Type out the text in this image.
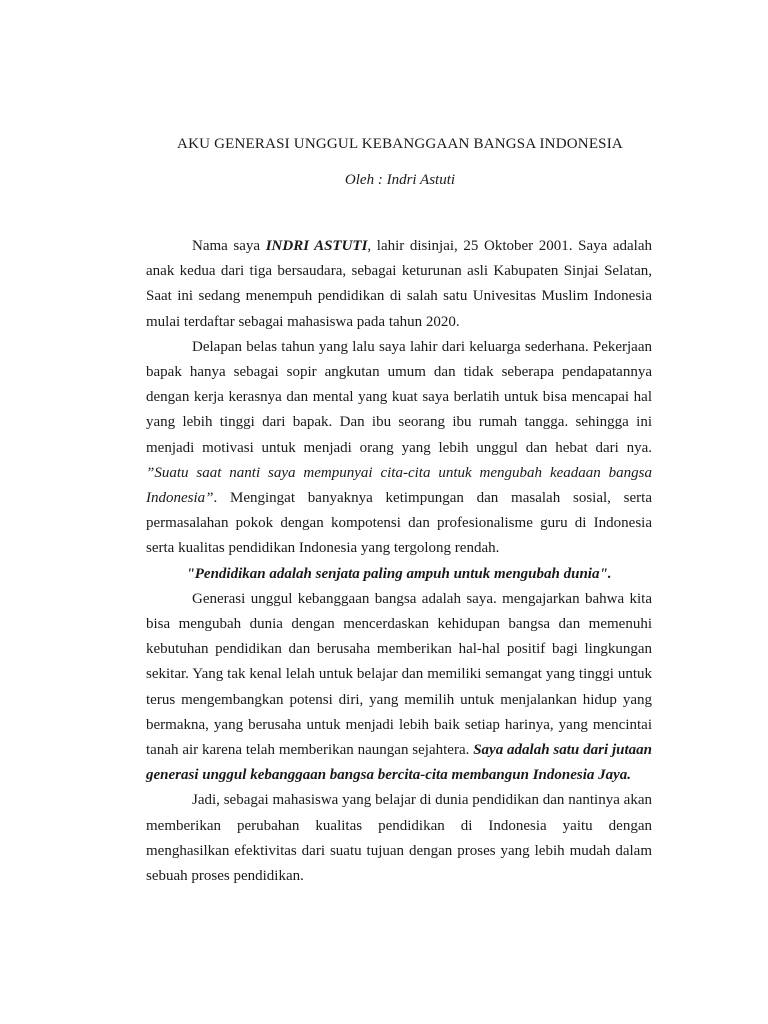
AKU GENERASI UNGGUL KEBANGGAAN BANGSA INDONESIA

Oleh : Indri Astuti

Nama saya INDRI ASTUTI, lahir disinjai, 25 Oktober 2001. Saya adalah anak kedua dari tiga bersaudara, sebagai keturunan asli Kabupaten Sinjai Selatan, Saat ini sedang menempuh pendidikan di salah satu Univesitas Muslim Indonesia mulai terdaftar sebagai mahasiswa pada tahun 2020.

Delapan belas tahun yang lalu saya lahir dari keluarga sederhana. Pekerjaan bapak hanya sebagai sopir angkutan umum dan tidak seberapa pendapatannya dengan kerja kerasnya dan mental yang kuat saya berlatih untuk bisa mencapai hal yang lebih tinggi dari bapak. Dan ibu seorang ibu rumah tangga. sehingga ini menjadi motivasi untuk menjadi orang yang lebih unggul dan hebat dari nya. ”Suatu saat nanti saya mempunyai cita-cita untuk mengubah keadaan bangsa Indonesia”. Mengingat banyaknya ketimpungan dan masalah sosial, serta permasalahan pokok dengan kompotensi dan profesionalisme guru di Indonesia serta kualitas pendidikan Indonesia yang tergolong rendah.

"Pendidikan adalah senjata paling ampuh untuk mengubah dunia".

Generasi unggul kebanggaan bangsa adalah saya. mengajarkan bahwa kita bisa mengubah dunia dengan mencerdaskan kehidupan bangsa dan memenuhi kebutuhan pendidikan dan berusaha memberikan hal-hal positif bagi lingkungan sekitar. Yang tak kenal lelah untuk belajar dan memiliki semangat yang tinggi untuk terus mengembangkan potensi diri, yang memilih untuk menjalankan hidup yang bermakna, yang berusaha untuk menjadi lebih baik setiap harinya, yang mencintai tanah air karena telah memberikan naungan sejahtera. Saya adalah satu dari jutaan generasi unggul kebanggaan bangsa bercita-cita membangun Indonesia Jaya.

Jadi, sebagai mahasiswa yang belajar di dunia pendidikan dan nantinya akan memberikan perubahan kualitas pendidikan di Indonesia yaitu dengan menghasilkan efektivitas dari suatu tujuan dengan proses yang lebih mudah dalam sebuah proses pendidikan.
